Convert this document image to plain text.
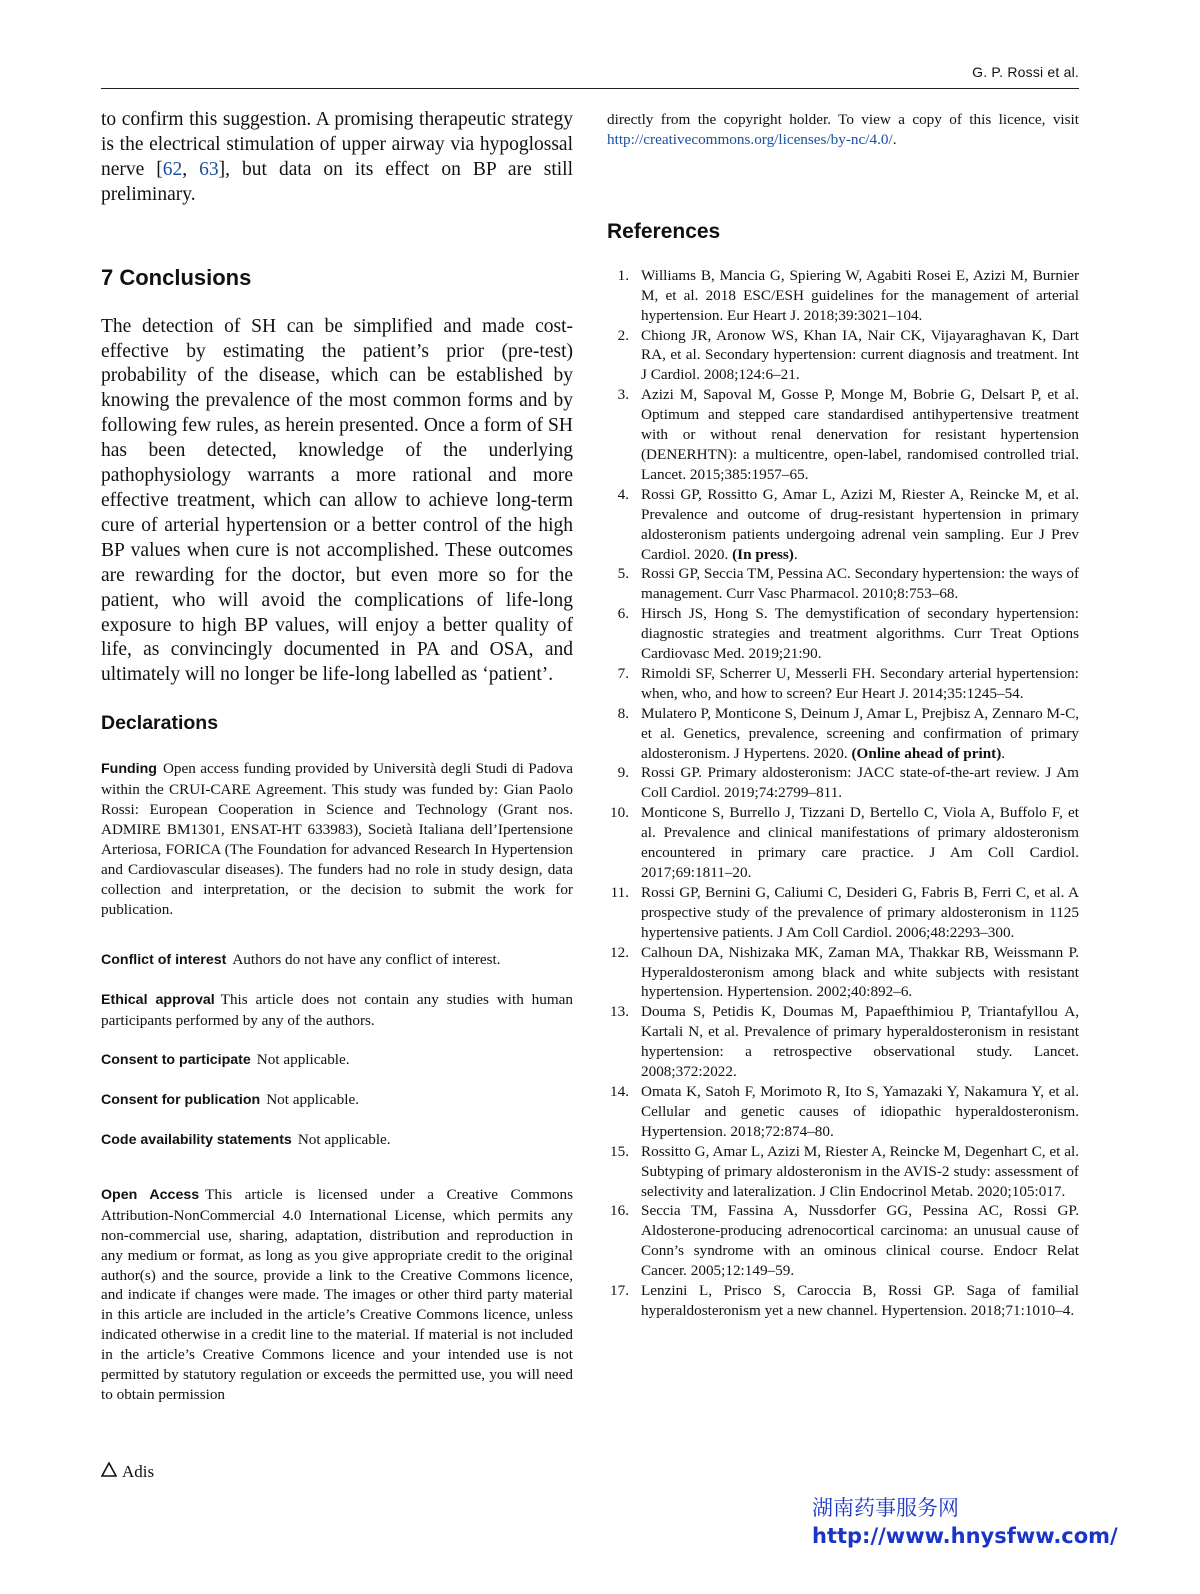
G. P. Rossi et al.

to confirm this suggestion. A promising therapeutic strategy is the electrical stimulation of upper airway via hypoglossal nerve [62, 63], but data on its effect on BP are still preliminary.

7 Conclusions

The detection of SH can be simplified and made cost-effective by estimating the patient’s prior (pre-test) probability of the disease, which can be established by knowing the prevalence of the most common forms and by following few rules, as herein presented. Once a form of SH has been detected, knowledge of the underlying pathophysiology warrants a more rational and more effective treatment, which can allow to achieve long-term cure of arterial hypertension or a better control of the high BP values when cure is not accomplished. These outcomes are rewarding for the doctor, but even more so for the patient, who will avoid the complications of life-long exposure to high BP values, will enjoy a better quality of life, as convincingly documented in PA and OSA, and ultimately will no longer be life-long labelled as ‘patient’.

Declarations

Funding Open access funding provided by Università degli Studi di Padova within the CRUI-CARE Agreement. This study was funded by: Gian Paolo Rossi: European Cooperation in Science and Technology (Grant nos. ADMIRE BM1301, ENSAT-HT 633983), Società Italiana dell’Ipertensione Arteriosa, FORICA (The Foundation for advanced Research In Hypertension and Cardiovascular diseases). The funders had no role in study design, data collection and interpretation, or the decision to submit the work for publication.

Conflict of interest Authors do not have any conflict of interest.

Ethical approval This article does not contain any studies with human participants performed by any of the authors.

Consent to participate Not applicable.

Consent for publication Not applicable.

Code availability statements Not applicable.

Open Access This article is licensed under a Creative Commons Attribution-NonCommercial 4.0 International License, which permits any non-commercial use, sharing, adaptation, distribution and reproduction in any medium or format, as long as you give appropriate credit to the original author(s) and the source, provide a link to the Creative Commons licence, and indicate if changes were made. The images or other third party material in this article are included in the article’s Creative Commons licence, unless indicated otherwise in a credit line to the material. If material is not included in the article’s Creative Commons licence and your intended use is not permitted by statutory regulation or exceeds the permitted use, you will need to obtain permission

directly from the copyright holder. To view a copy of this licence, visit http://creativecommons.org/licenses/by-nc/4.0/.

References
1. Williams B, Mancia G, Spiering W, Agabiti Rosei E, Azizi M, Burnier M, et al. 2018 ESC/ESH guidelines for the management of arterial hypertension. Eur Heart J. 2018;39:3021–104.
2. Chiong JR, Aronow WS, Khan IA, Nair CK, Vijayaraghavan K, Dart RA, et al. Secondary hypertension: current diagnosis and treatment. Int J Cardiol. 2008;124:6–21.
3. Azizi M, Sapoval M, Gosse P, Monge M, Bobrie G, Delsart P, et al. Optimum and stepped care standardised antihypertensive treatment with or without renal denervation for resistant hypertension (DENERHTN): a multicentre, open-label, randomised controlled trial. Lancet. 2015;385:1957–65.
4. Rossi GP, Rossitto G, Amar L, Azizi M, Riester A, Reincke M, et al. Prevalence and outcome of drug-resistant hypertension in primary aldosteronism patients undergoing adrenal vein sampling. Eur J Prev Cardiol. 2020. (In press).
5. Rossi GP, Seccia TM, Pessina AC. Secondary hypertension: the ways of management. Curr Vasc Pharmacol. 2010;8:753–68.
6. Hirsch JS, Hong S. The demystification of secondary hypertension: diagnostic strategies and treatment algorithms. Curr Treat Options Cardiovasc Med. 2019;21:90.
7. Rimoldi SF, Scherrer U, Messerli FH. Secondary arterial hypertension: when, who, and how to screen? Eur Heart J. 2014;35:1245–54.
8. Mulatero P, Monticone S, Deinum J, Amar L, Prejbisz A, Zennaro M-C, et al. Genetics, prevalence, screening and confirmation of primary aldosteronism. J Hypertens. 2020. (Online ahead of print).
9. Rossi GP. Primary aldosteronism: JACC state-of-the-art review. J Am Coll Cardiol. 2019;74:2799–811.
10. Monticone S, Burrello J, Tizzani D, Bertello C, Viola A, Buffolo F, et al. Prevalence and clinical manifestations of primary aldosteronism encountered in primary care practice. J Am Coll Cardiol. 2017;69:1811–20.
11. Rossi GP, Bernini G, Caliumi C, Desideri G, Fabris B, Ferri C, et al. A prospective study of the prevalence of primary aldosteronism in 1125 hypertensive patients. J Am Coll Cardiol. 2006;48:2293–300.
12. Calhoun DA, Nishizaka MK, Zaman MA, Thakkar RB, Weissmann P. Hyperaldosteronism among black and white subjects with resistant hypertension. Hypertension. 2002;40:892–6.
13. Douma S, Petidis K, Doumas M, Papaefthimiou P, Triantafyllou A, Kartali N, et al. Prevalence of primary hyperaldosteronism in resistant hypertension: a retrospective observational study. Lancet. 2008;372:2022.
14. Omata K, Satoh F, Morimoto R, Ito S, Yamazaki Y, Nakamura Y, et al. Cellular and genetic causes of idiopathic hyperaldosteronism. Hypertension. 2018;72:874–80.
15. Rossitto G, Amar L, Azizi M, Riester A, Reincke M, Degenhart C, et al. Subtyping of primary aldosteronism in the AVIS-2 study: assessment of selectivity and lateralization. J Clin Endocrinol Metab. 2020;105:017.
16. Seccia TM, Fassina A, Nussdorfer GG, Pessina AC, Rossi GP. Aldosterone-producing adrenocortical carcinoma: an unusual cause of Conn’s syndrome with an ominous clinical course. Endocr Relat Cancer. 2005;12:149–59.
17. Lenzini L, Prisco S, Caroccia B, Rossi GP. Saga of familial hyperaldosteronism yet a new channel. Hypertension. 2018;71:1010–4.
Adis
湖南药事服务网
http://www.hnysfww.com/
